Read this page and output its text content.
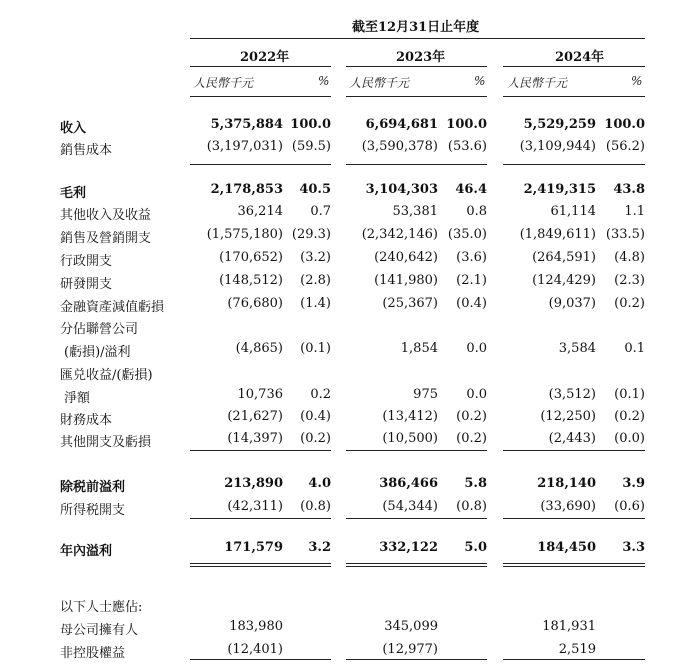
截至12月31日止年度
2022年	2023年	2024年
人民幣千元	% 人民幣千元	% 人民幣千元	%
收入	5,375,884 100.0	6,694,681 100.0	5,529,259 100.0
銷售成本	(3,197,031) (59.5)	(3,590,378) (53.6)	(3,109,944) (56.2)
毛利	2,178,853	40.5	3,104,303	46.4	2,419,315	43.8
其他收入及收益	36,214	0.7	53,381	0.8	61,114	1.1
銷售及營銷開支	(1,575,180) (29.3)	(2,342,146) (35.0)	(1,849,611) (33.5)
行政開支	(170,652)	(3.2)	(240,642)	(3.6)	(264,591)	(4.8)
研發開支	(148,512)	(2.8)	(141,980)	(2.1)	(124,429)	(2.3)
金融資產減值虧損	(76,680)	(1.4)	(25,367)	(0.4)	(9,037)	(0.2)
分佔聯營公司
(虧損)/溢利	(4,865)	(0.1)	1,854	0.0	3,584	0.1
匯兑收益/(虧損)
淨額	10,736	0.2	975	0.0	(3,512)	(0.1)
財務成本	(21,627)	(0.4)	(13,412)	(0.2)	(12,250)	(0.2)
其他開支及虧損	(14,397)	(0.2)	(10,500)	(0.2)	(2,443)	(0.0)
除税前溢利	213,890	4.0	386,466	5.8	218,140	3.9
所得税開支	(42,311)	(0.8)	(54,344)	(0.8)	(33,690)	(0.6)
年內溢利	171,579	3.2	332,122	5.0	184,450	3.3
以下人士應佔:
母公司擁有人	183,980	345,099	181,931
非控股權益	(12,401)	(12,977)	2,519
